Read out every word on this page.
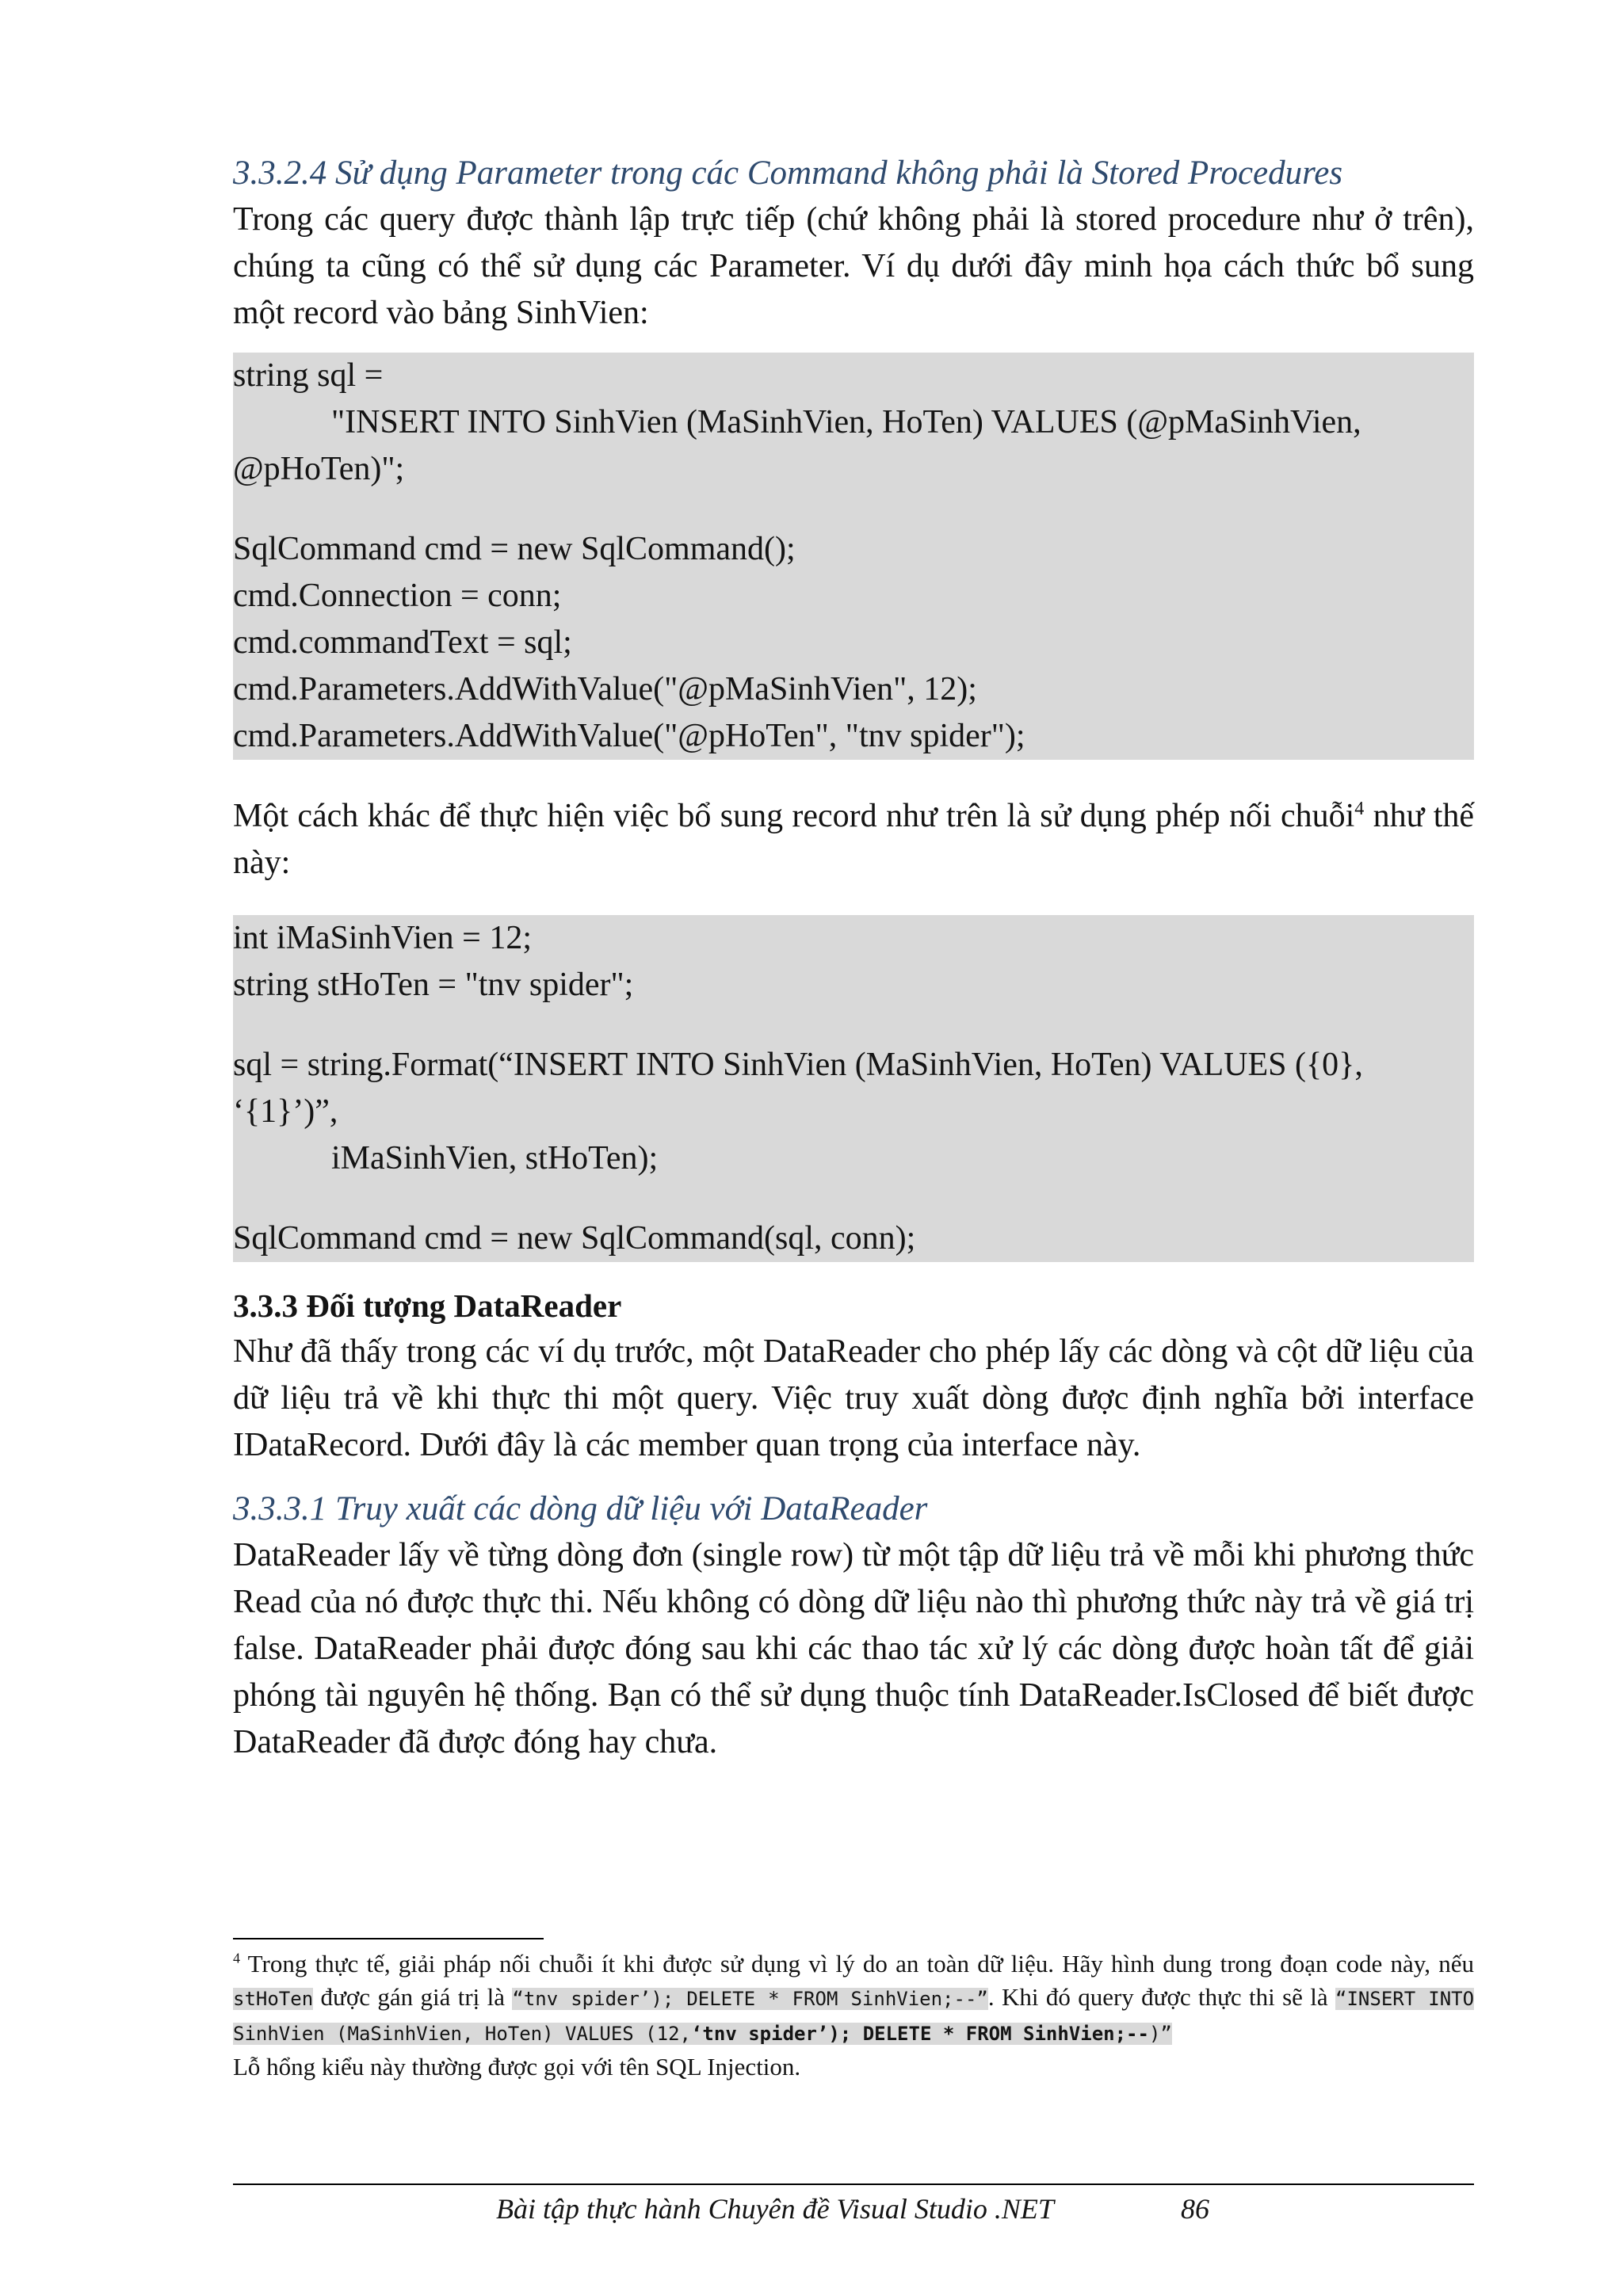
3.3.2.4 Sử dụng Parameter trong các Command không phải là Stored Procedures

Trong các query được thành lập trực tiếp (chứ không phải là stored procedure như ở trên), chúng ta cũng có thể sử dụng các Parameter. Ví dụ dưới đây minh họa cách thức bổ sung một record vào bảng SinhVien:

string sql =
"INSERT INTO SinhVien (MaSinhVien, HoTen) VALUES (@pMaSinhVien, @pHoTen)";
SqlCommand cmd = new SqlCommand();
cmd.Connection = conn;
cmd.commandText = sql;
cmd.Parameters.AddWithValue("@pMaSinhVien", 12);
cmd.Parameters.AddWithValue("@pHoTen", "tnv spider");

Một cách khác để thực hiện việc bổ sung record như trên là sử dụng phép nối chuỗi$^4$ như thế này:

int iMaSinhVien = 12;
string stHoTen = "tnv spider";
sql = string.Format(“INSERT INTO SinhVien (MaSinhVien, HoTen) VALUES ({0}, ‘{1}’)”,
iMaSinhVien, stHoTen);
SqlCommand cmd = new SqlCommand(sql, conn);

3.3.3 Đối tượng DataReader

Như đã thấy trong các ví dụ trước, một DataReader cho phép lấy các dòng và cột dữ liệu của dữ liệu trả về khi thực thi một query. Việc truy xuất dòng được định nghĩa bởi interface IDataRecord. Dưới đây là các member quan trọng của interface này.

3.3.3.1 Truy xuất các dòng dữ liệu với DataReader

DataReader lấy về từng dòng đơn (single row) từ một tập dữ liệu trả về mỗi khi phương thức Read của nó được thực thi. Nếu không có dòng dữ liệu nào thì phương thức này trả về giá trị false. DataReader phải được đóng sau khi các thao tác xử lý các dòng được hoàn tất để giải phóng tài nguyên hệ thống. Bạn có thể sử dụng thuộc tính DataReader.IsClosed để biết được DataReader đã được đóng hay chưa.

$^4$ Trong thực tế, giải pháp nối chuỗi ít khi được sử dụng vì lý do an toàn dữ liệu. Hãy hình dung trong đoạn code này, nếu stHoTen được gán giá trị là “tnv spider’); DELETE * FROM SinhVien;--”. Khi đó query được thực thi sẽ là “INSERT INTO SinhVien (MaSinhVien, HoTen) VALUES (12,‘tnv spider’); DELETE * FROM SinhVien;--)”
Lỗ hổng kiểu này thường được gọi với tên SQL Injection.
Bài tập thực hành Chuyên đề Visual Studio .NET	86
